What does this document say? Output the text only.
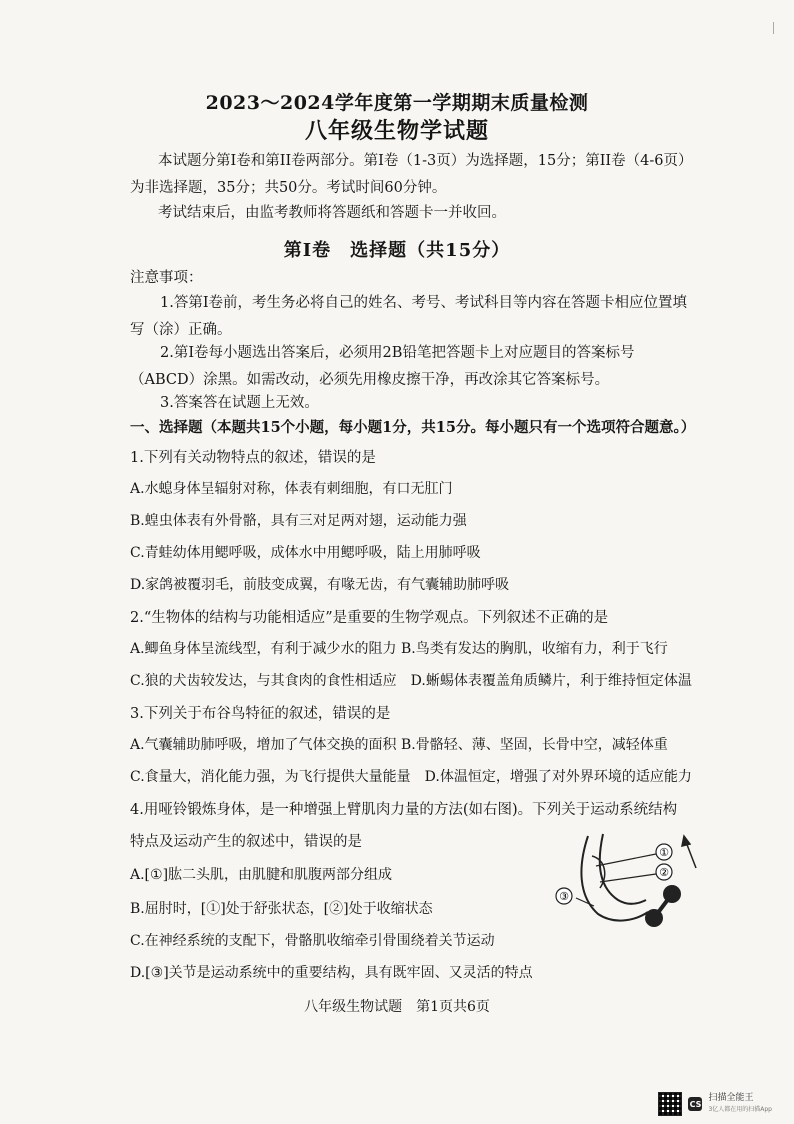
2023～2024学年度第一学期期末质量检测
八年级生物学试题
本试题分第I卷和第II卷两部分。第I卷（1-3页）为选择题，15分；第II卷（4-6页）为非选择题，35分；共50分。考试时间60分钟。
考试结束后，由监考教师将答题纸和答题卡一并收回。
第I卷　选择题（共15分）
注意事项：
1.答第I卷前，考生务必将自己的姓名、考号、考试科目等内容在答题卡相应位置填写（涂）正确。
2.第I卷每小题选出答案后，必须用2B铅笔把答题卡上对应题目的答案标号（ABCD）涂黑。如需改动，必须先用橡皮擦干净，再改涂其它答案标号。
3.答案答在试题上无效。
一、选择题（本题共15个小题，每小题1分，共15分。每小题只有一个选项符合题意。）
1.下列有关动物特点的叙述，错误的是
A.水螅身体呈辐射对称，体表有刺细胞，有口无肛门
B.蝗虫体表有外骨骼，具有三对足两对翅，运动能力强
C.青蛙幼体用鳃呼吸，成体水中用鳃呼吸，陆上用肺呼吸
D.家鸽被覆羽毛，前肢变成翼，有喙无齿，有气囊辅助肺呼吸
2.“生物体的结构与功能相适应”是重要的生物学观点。下列叙述不正确的是
A.鲫鱼身体呈流线型，有利于减少水的阻力 B.鸟类有发达的胸肌，收缩有力，利于飞行
C.狼的犬齿较发达，与其食肉的食性相适应　D.蜥蜴体表覆盖角质鳞片，利于维持恒定体温
3.下列关于布谷鸟特征的叙述，错误的是
A.气囊辅助肺呼吸，增加了气体交换的面积 B.骨骼轻、薄、坚固，长骨中空，减轻体重
C.食量大，消化能力强，为飞行提供大量能量　D.体温恒定，增强了对外界环境的适应能力
4.用哑铃锻炼身体，是一种增强上臂肌肉力量的方法(如右图)。下列关于运动系统结构
特点及运动产生的叙述中，错误的是
A.[①]肱二头肌，由肌腱和肌腹两部分组成
B.屈肘时，[①]处于舒张状态，[②]处于收缩状态
C.在神经系统的支配下，骨骼肌收缩牵引骨围绕着关节运动
D.[③]关节是运动系统中的重要结构，具有既牢固、又灵活的特点
①
②
③
八年级生物试题　第1页共6页
CS
扫描全能王
3亿人都在用的扫描App
